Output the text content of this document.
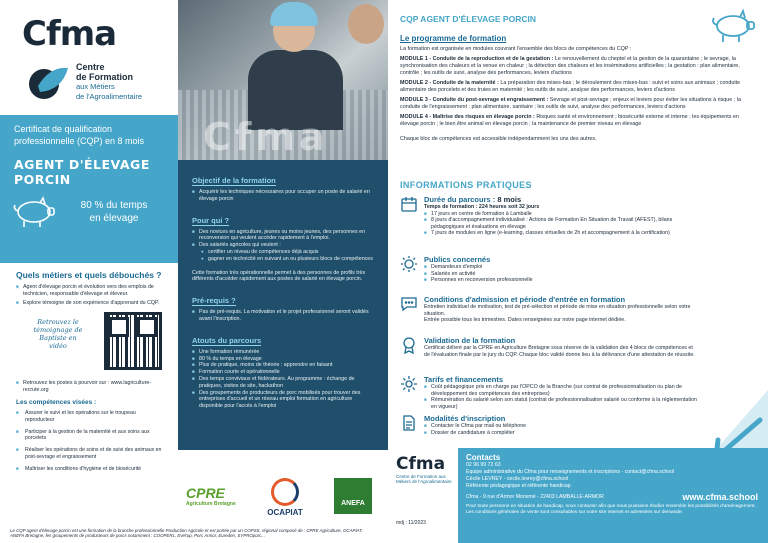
Cfma
Centre
de Formation
aux Métiers
de l'Agroalimentaire
Certificat de qualification professionnelle (CQP) en 8 mois
AGENT D'ÉLEVAGE PORCIN
80 % du temps
en élevage
Quels métiers et quels débouchés ?
■ Agent d'élevage porcin et évolution vers des emplois de technicien, responsable d'élevage et éleveur.
■ Explore témoigne de son expérience d'apprenant du CQP.
Retrouvez le témoignage de Baptiste en vidéo
■ Retrouvez les postes à pourvoir sur : www.lagriculture-recrute.org
Les compétences visées :
■ Assurer le suivi et les opérations sur le troupeau reproducteur
■ Participer à la gestion de la maternité et aux soins aux porcelets
■ Réaliser les opérations de soins et de suivi des animaux en post-sevrage et engraissement
■ Maîtriser les conditions d'hygiène et de biosécurité
Cfma
Objectif de la formation
■ Acquérir les techniques nécessaires pour occuper un poste de salarié en élevage porcin
Pour qui ?
■ Des novices en agriculture, jeunes ou moins jeunes, des personnes en reconversion qui veulent accéder rapidement à l'emploi.
■ Des salariés agricoles qui veulent :
● certifier un niveau de compétences déjà acquis
● gagner en technicité en suivant un ou plusieurs blocs de compétences
Cette formation très opérationnelle permet à des personnes de profils très différents d'accéder rapidement aux postes de salarié en élevage porcin.
Pré-requis ?
■ Pas de pré-requis. La motivation et le projet professionnel seront validés avant l'inscription.
Atouts du parcours
■ Une formation rémunérée
■ 80 % du temps en élevage
■ Plus de pratique, moins de théorie : apprendre en faisant
■ Formation courte et opérationnelle
■ Des temps conviviaux et fédérateurs. Au programme : échange de pratiques, visites de site, hackathon
■ Des groupements de producteurs de porc mobilisés pour trouver des entreprises d'accueil et un réseau emploi formation en agriculture disponible pour l'accès à l'emploi
CPRE
Agriculture Bretagne
OCAPIAT
ANEFA
CQP AGENT D'ÉLEVAGE PORCIN
Le programme de formation
La formation est organisée en modules couvrant l'ensemble des blocs de compétences du CQP :
MODULE 1 - Conduite de la reproduction et de la gestation : Le renouvellement du cheptel et la gestion de la quarantaine ; le sevrage, la synchronisation des chaleurs et la venue en chaleur ; la détection des chaleurs et les inséminations artificielles ; la gestation : plan alimentaire, contrôle ; les outils de suivi, analyse des performances, leviers d'actions
MODULE 2 - Conduite de la maternité : La préparation des mises-bas ; le déroulement des mises-bas : suivi et soins aux animaux ; conduite alimentaire des porcelets et des truies en maternité ; les outils de suivi, analyse des performances, leviers d'actions
MODULE 3 - Conduite du post-sevrage et engraissement : Sevrage et post-sevrage ; enjeux et leviers pour éviter les situations à risque ; la conduite de l'engraissement : plan alimentaire, sanitaire ; les outils de suivi, analyse des performances, leviers d'actions
MODULE 4 - Maîtrise des risques en élevage porcin : Risques santé et environnement ; biosécurité externe et interne ; les équipements en élevage porcin ; le bien être animal en élevage porcin ; la maintenance de premier niveau en élevage
Chaque bloc de compétences est accessible indépendamment les uns des autres.
INFORMATIONS PRATIQUES
Durée du parcours : 8 mois
Temps de formation : 224 heures soit 32 jours
■ 17 jours en centre de formation à Lamballe
■ 8 jours d'accompagnement individualisé : Actions de Formation En Situation de Travail (AFEST), bilans pédagogiques et évaluations en élevage
■ 7 jours de modules en ligne (e-learning, classes virtuelles de 2h et accompagnement à la certification)
Publics concernés
■ Demandeurs d'emploi
■ Salariés en activité
■ Personnes en reconversion professionnelle
Conditions d'admission et période d'entrée en formation
Entretien individuel de motivation, test de pré-sélection et période de mise en situation professionnelle selon votre situation.
Entrée possible tous les trimestres. Dates renseignées sur notre page internet dédiée.
Validation de la formation
Certificat délivré par la CPRE en Agriculture Bretagne sous réserve de la validation des 4 blocs de compétences et de l'évaluation finale par le jury du CQP. Chaque bloc validé donne lieu à la délivrance d'une attestation de réussite.
Tarifs et financements
■ Coût pédagogique pris en charge par l'OPCO de la Branche (sur contrat de professionnalisation ou plan de développement des compétences des entreprises)
■ Rémunération du salarié selon son statut (contrat de professionnalisation salarié ou conforme à la réglementation en vigueur)
Modalités d'inscription
■ Contacter le Cfma par mail ou téléphone
■ Dossier de candidature à compléter
Cfma
Centre de Formation aux Métiers de l'Agroalimentaire
mdj : 11/2023
Contacts
02 96 99 72 63
Equipe administrative du Cfma pour renseignements et inscriptions - contact@cfma.school
Cécile LEVREY - cecile.levrey@cfma.school
Référente pédagogique et référente handicap
www.cfma.school
Cfma - 9 rue d'Armor Monsmé - 22403 LAMBALLE-ARMOR
Pour toute personne en situation de handicap, nous contacter afin que nous puissions étudier ensemble les possibilités d'aménagement. Les conditions générales de vente sont consultables sur notre site internet et adressées sur demande.
Le CQP agent d'élevage porcin est une formation de la branche professionnelle Production Agricole et est portée par un COPSS, régional composé de : CPRE Agriculture, OCAPIAT, ANEFA Bretagne, les groupements de producteurs de porcs notamment : COOPERL, Evel'up, Porc Armor, Eureden, SYPROporc...
